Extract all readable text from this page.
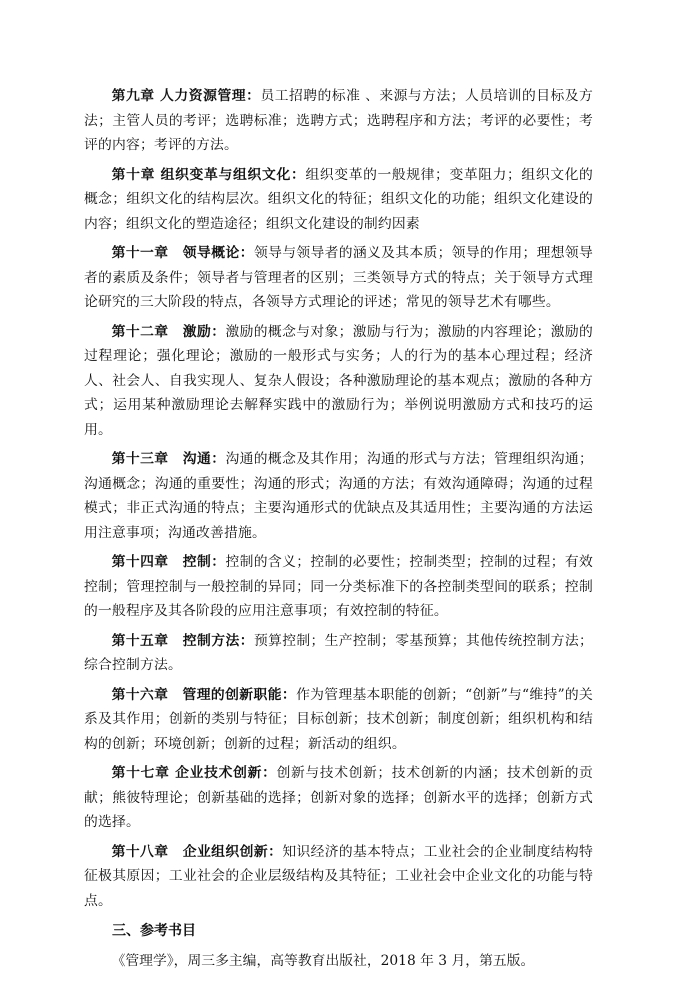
第九章 人力资源管理：员工招聘的标准 、来源与方法；人员培训的目标及方法；主管人员的考评；选聘标准；选聘方式；选聘程序和方法；考评的必要性；考评的内容；考评的方法。

第十章 组织变革与组织文化：组织变革的一般规律；变革阻力；组织文化的概念；组织文化的结构层次。组织文化的特征；组织文化的功能；组织文化建设的内容；组织文化的塑造途径；组织文化建设的制约因素

第十一章　领导概论：领导与领导者的涵义及其本质；领导的作用；理想领导者的素质及条件；领导者与管理者的区别；三类领导方式的特点；关于领导方式理论研究的三大阶段的特点，各领导方式理论的评述；常见的领导艺术有哪些。

第十二章　激励：激励的概念与对象；激励与行为；激励的内容理论；激励的过程理论；强化理论；激励的一般形式与实务；人的行为的基本心理过程；经济人、社会人、自我实现人、复杂人假设；各种激励理论的基本观点；激励的各种方式；运用某种激励理论去解释实践中的激励行为；举例说明激励方式和技巧的运用。

第十三章　沟通：沟通的概念及其作用；沟通的形式与方法；管理组织沟通；沟通概念；沟通的重要性；沟通的形式；沟通的方法；有效沟通障碍；沟通的过程模式；非正式沟通的特点；主要沟通形式的优缺点及其适用性；主要沟通的方法运用注意事项；沟通改善措施。

第十四章　控制：控制的含义；控制的必要性；控制类型；控制的过程；有效控制；管理控制与一般控制的异同；同一分类标准下的各控制类型间的联系；控制的一般程序及其各阶段的应用注意事项；有效控制的特征。

第十五章　控制方法：预算控制；生产控制；零基预算；其他传统控制方法；综合控制方法。

第十六章　管理的创新职能：作为管理基本职能的创新；“创新”与“维持”的关系及其作用；创新的类别与特征；目标创新；技术创新；制度创新；组织机构和结构的创新；环境创新；创新的过程；新活动的组织。

第十七章 企业技术创新：创新与技术创新；技术创新的内涵；技术创新的贡献；熊彼特理论；创新基础的选择；创新对象的选择；创新水平的选择；创新方式的选择。

第十八章　企业组织创新：知识经济的基本特点；工业社会的企业制度结构特征极其原因；工业社会的企业层级结构及其特征；工业社会中企业文化的功能与特点。

三、参考书目

《管理学》，周三多主编，高等教育出版社，2018 年 3 月，第五版。
